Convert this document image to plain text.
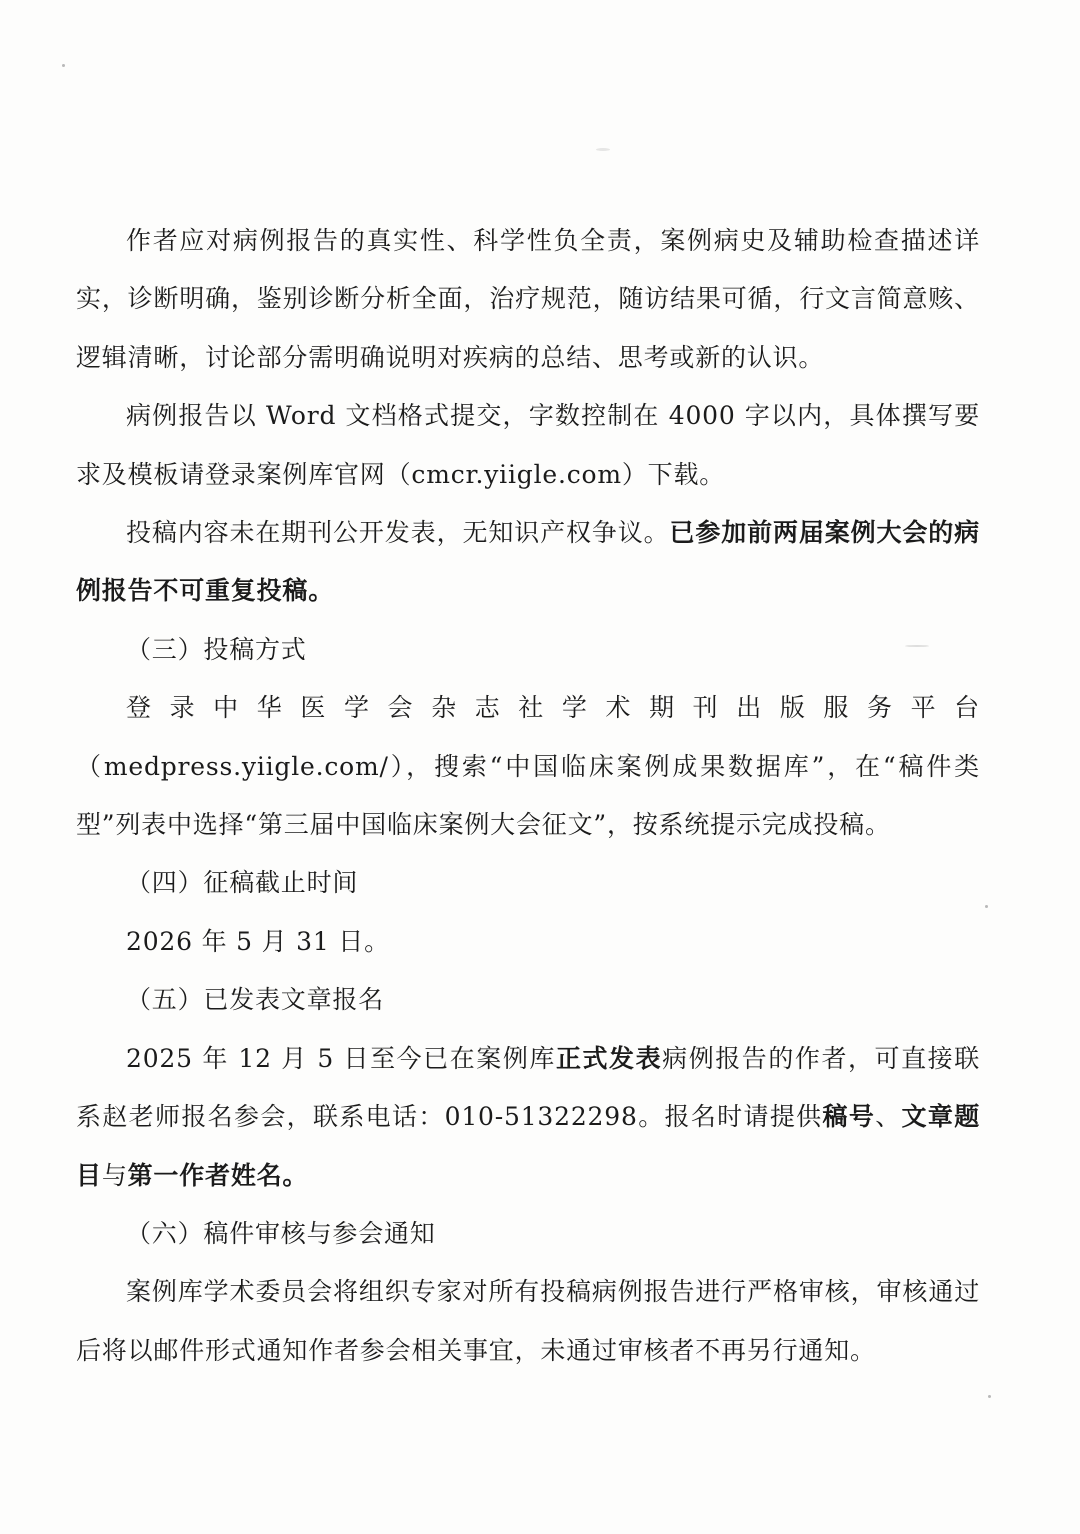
作者应对病例报告的真实性、科学性负全责，案例病史及辅助检查描述详实，诊断明确，鉴别诊断分析全面，治疗规范，随访结果可循，行文言简意赅、逻辑清晰，讨论部分需明确说明对疾病的总结、思考或新的认识。

病例报告以 Word 文档格式提交，字数控制在 4000 字以内，具体撰写要求及模板请登录案例库官网（cmcr.yiigle.com）下载。

投稿内容未在期刊公开发表，无知识产权争议。已参加前两届案例大会的病例报告不可重复投稿。

（三）投稿方式

登录中华医学会杂志社学术期刊出版服务平台（medpress.yiigle.com/），搜索“中国临床案例成果数据库”，在“稿件类型”列表中选择“第三届中国临床案例大会征文”，按系统提示完成投稿。

（四）征稿截止时间

2026 年 5 月 31 日。

（五）已发表文章报名

2025 年 12 月 5 日至今已在案例库正式发表病例报告的作者，可直接联系赵老师报名参会，联系电话：010-51322298。报名时请提供稿号、文章题目与第一作者姓名。

（六）稿件审核与参会通知

案例库学术委员会将组织专家对所有投稿病例报告进行严格审核，审核通过后将以邮件形式通知作者参会相关事宜，未通过审核者不再另行通知。
